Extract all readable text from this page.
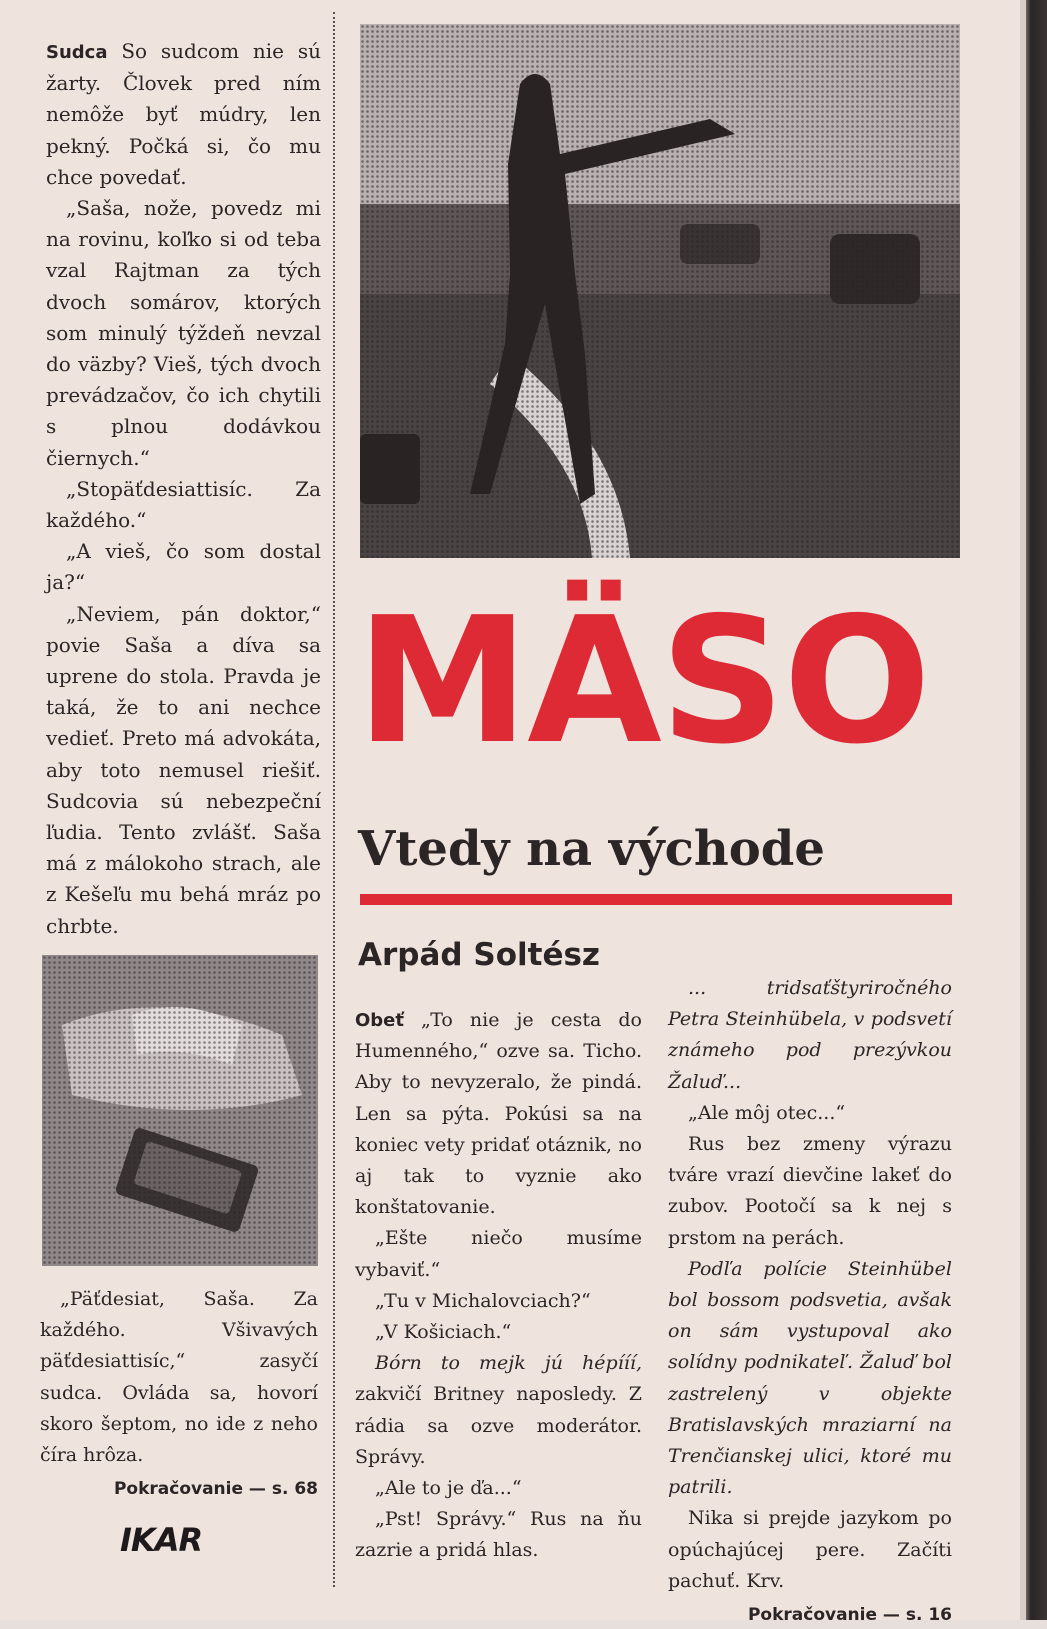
Sudca So sudcom nie sú žarty. Človek pred ním nemôže byť múdry, len pekný. Počká si, čo mu chce povedať.

„Saša, nože, povedz mi na rovinu, koľko si od teba vzal Rajtman za tých dvoch somárov, ktorých som minulý týždeň nevzal do väzby? Vieš, tých dvoch prevádzačov, čo ich chytili s plnou dodávkou čiernych.“

„Stopäťdesiattisíc. Za každého.“

„A vieš, čo som dostal ja?“

„Neviem, pán doktor,“ povie Saša a díva sa uprene do stola. Pravda je taká, že to ani nechce vedieť. Preto má advokáta, aby toto nemusel riešiť. Sudcovia sú nebezpeční ľudia. Tento zvlášť. Saša má z málokoho strach, ale z Kešeľu mu behá mráz po chrbte.

MÄSO
Vtedy na východe
Arpád Soltész

Obeť „To nie je cesta do Humenného,“ ozve sa. Ticho. Aby to nevyzeralo, že pindá. Len sa pýta. Pokúsi sa na koniec vety pridať otáznik, no aj tak to vyznie ako konštatovanie.

„Ešte niečo musíme vybaviť.“

„Tu v Michalovciach?“

„V Košiciach.“

Bórn to mejk jú hépííí, zakvičí Britney naposledy. Z rádia sa ozve moderátor. Správy.

„Ale to je ďa...“

„Pst! Správy.“ Rus na ňu zazrie a pridá hlas.

... tridsaťštyriročného Petra Steinhübela, v podsvetí známeho pod prezývkou Žaluď...

„Ale môj otec...“

Rus bez zmeny výrazu tváre vrazí dievčine lakeť do zubov. Pootočí sa k nej s prstom na perách.

Podľa polície Steinhübel bol bossom podsvetia, avšak on sám vystupoval ako solídny podnikateľ. Žaluď bol zastrelený v objekte Bratislavských mraziarní na Trenčianskej ulici, ktoré mu patrili.

Nika si prejde jazykom po opúchajúcej pere. Začíti pachuť. Krv.

Pokračovanie — s. 16

„Päťdesiat, Saša. Za každého. Všivavých päťdesiattisíc,“ zasyčí sudca. Ovláda sa, hovorí skoro šeptom, no ide z neho čírа hrôza.

Pokračovanie — s. 68
IKAR
